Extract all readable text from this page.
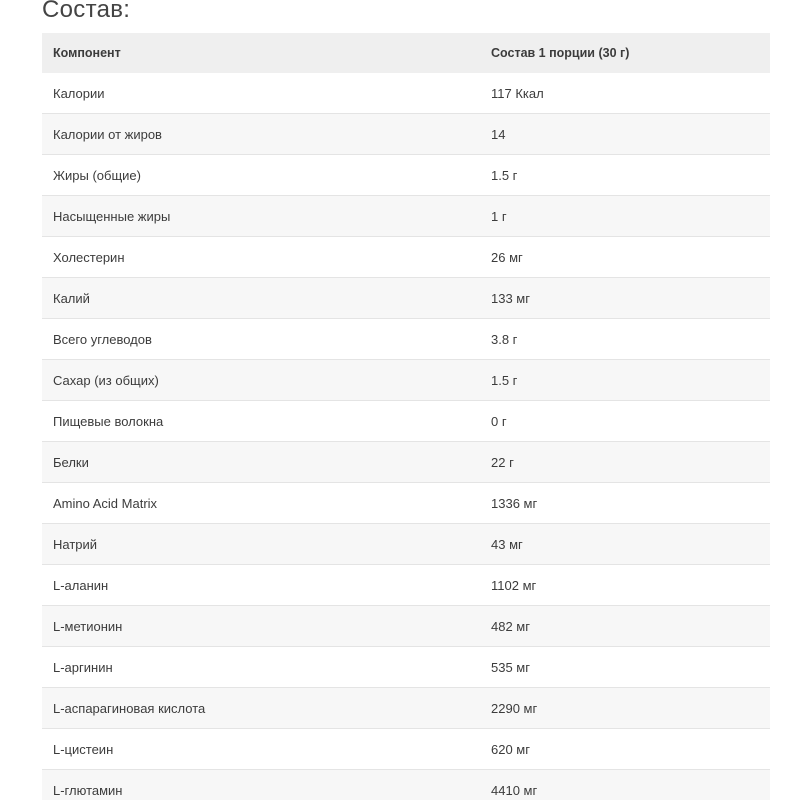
Состав:
Компонент	Состав 1 порции (30 г)
Калории	117 Ккал
Калории от жиров	14
Жиры (общие)	1.5 г
Насыщенные жиры	1 г
Холестерин	26 мг
Калий	133 мг
Всего углеводов	3.8 г
Сахар (из общих)	1.5 г
Пищевые волокна	0 г
Белки	22 г
Amino Acid Matrix	1336 мг
Натрий	43 мг
L-аланин	1102 мг
L-метионин	482 мг
L-аргинин	535 мг
L-аспарагиновая кислота	2290 мг
L-цистеин	620 мг
L-глютамин	4410 мг
